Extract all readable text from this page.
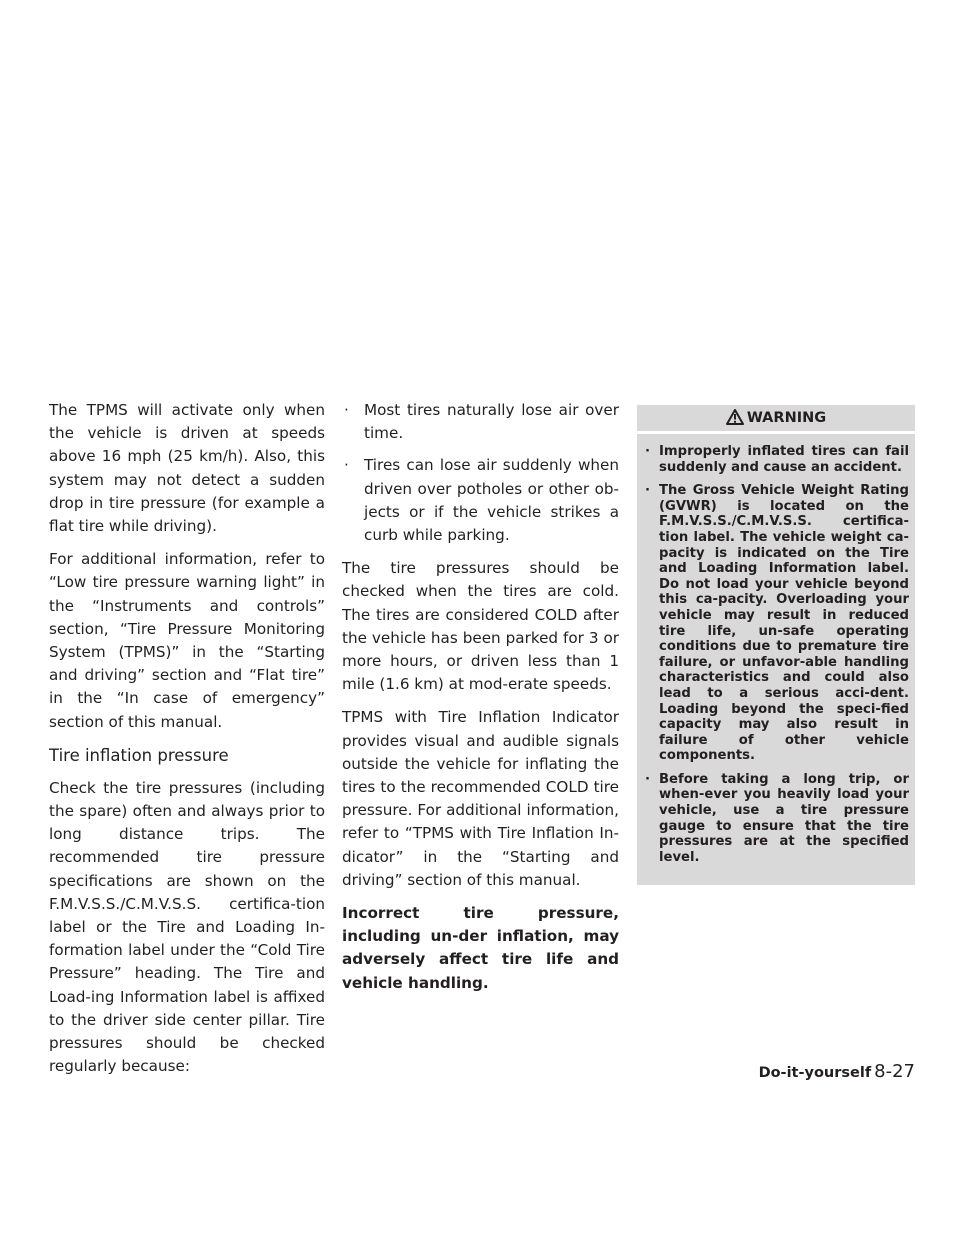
The TPMS will activate only when the vehicle is driven at speeds above 16 mph (25 km/h). Also, this system may not detect a sudden drop in tire pressure (for example a flat tire while driving).

For additional information, refer to “Low tire pressure warning light” in the “Instruments and controls” section, “Tire Pressure Monitoring System (TPMS)” in the “Starting and driving” section and “Flat tire” in the “In case of emergency” section of this manual.

Tire inflation pressure

Check the tire pressures (including the spare) often and always prior to long distance trips. The recommended tire pressure specifications are shown on the F.M.V.S.S./C.M.V.S.S. certifica-tion label or the Tire and Loading In-formation label under the “Cold Tire Pressure” heading. The Tire and Load-ing Information label is affixed to the driver side center pillar. Tire pressures should be checked regularly because:

· Most tires naturally lose air over time.
· Tires can lose air suddenly when driven over potholes or other ob-jects or if the vehicle strikes a curb while parking.

The tire pressures should be checked when the tires are cold. The tires are considered COLD after the vehicle has been parked for 3 or more hours, or driven less than 1 mile (1.6 km) at mod-erate speeds.

TPMS with Tire Inflation Indicator provides visual and audible signals outside the vehicle for inflating the tires to the recommended COLD tire pressure. For additional information, refer to “TPMS with Tire Inflation In-dicator” in the “Starting and driving” section of this manual.

Incorrect tire pressure, including un-der inflation, may adversely affect tire life and vehicle handling.

WARNING
· Improperly inflated tires can fail suddenly and cause an accident.
· The Gross Vehicle Weight Rating (GVWR) is located on the F.M.V.S.S./C.M.V.S.S. certifica-tion label. The vehicle weight ca-pacity is indicated on the Tire and Loading Information label. Do not load your vehicle beyond this ca-pacity. Overloading your vehicle may result in reduced tire life, un-safe operating conditions due to premature tire failure, or unfavor-able handling characteristics and could also lead to a serious acci-dent. Loading beyond the speci-fied capacity may also result in failure of other vehicle components.
· Before taking a long trip, or when-ever you heavily load your vehicle, use a tire pressure gauge to ensure that the tire pressures are at the specified level.
Do-it-yourself 8-27
